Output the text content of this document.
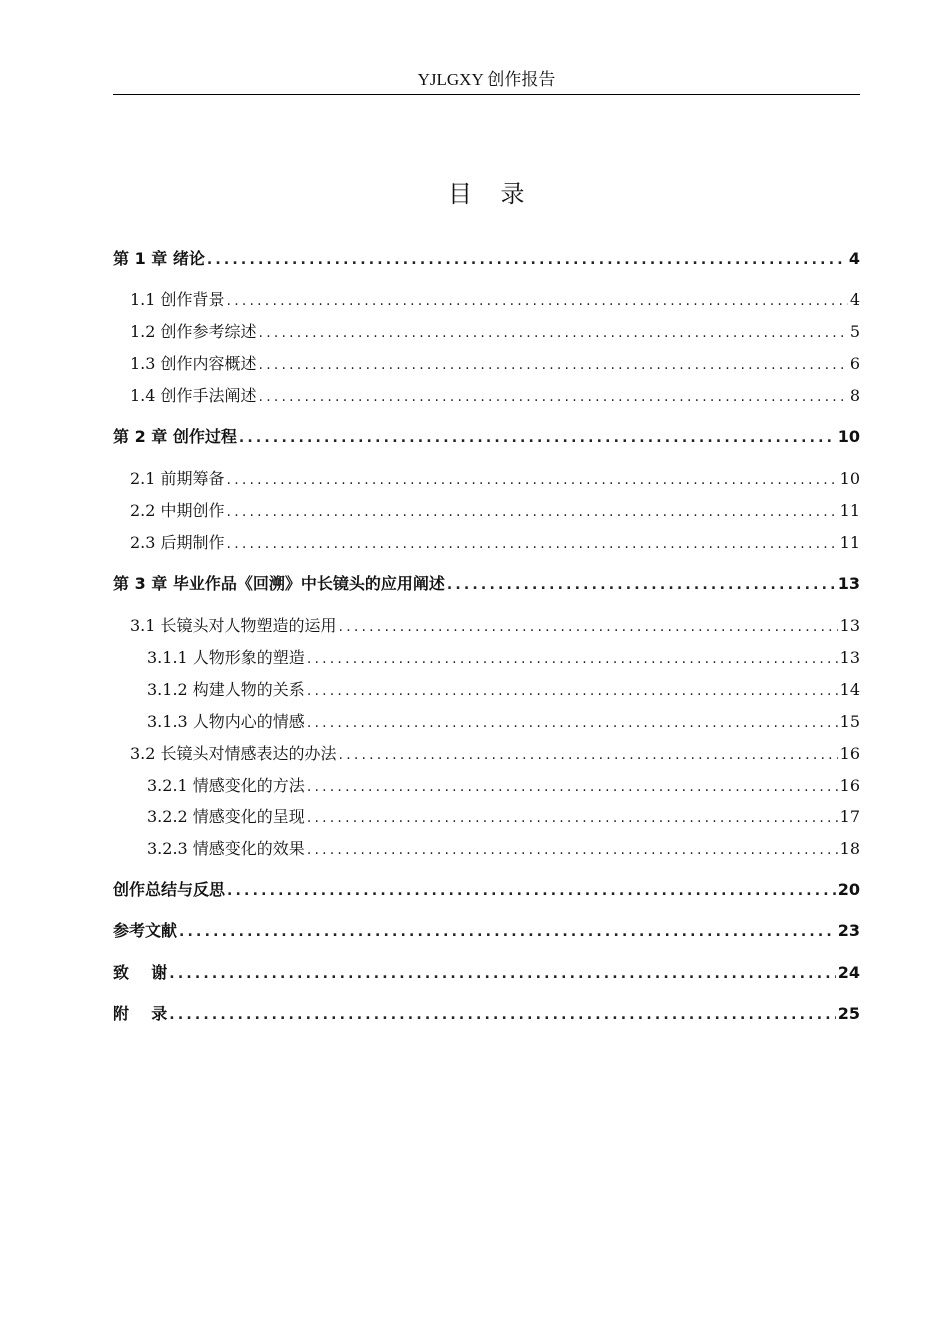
YJLGXY 创作报告
目 录
第 1 章 绪论 .....	4
1.1 创作背景 .....	4
1.2 创作参考综述 .....	5
1.3 创作内容概述 .....	6
1.4 创作手法阐述 .....	8
第 2 章 创作过程 .....	10
2.1 前期筹备 .....	10
2.2 中期创作 .....	11
2.3 后期制作 .....	11
第 3 章 毕业作品《回溯》中长镜头的应用阐述 .....	13
3.1 长镜头对人物塑造的运用 .....	13
3.1.1 人物形象的塑造 .....	13
3.1.2 构建人物的关系 .....	14
3.1.3 人物内心的情感 .....	15
3.2 长镜头对情感表达的办法 .....	16
3.2.1 情感变化的方法 .....	16
3.2.2 情感变化的呈现 .....	17
3.2.3 情感变化的效果 .....	18
创作总结与反思 .....	20
参考文献 .....	23
致    谢 .....	24
附    录 .....	25
